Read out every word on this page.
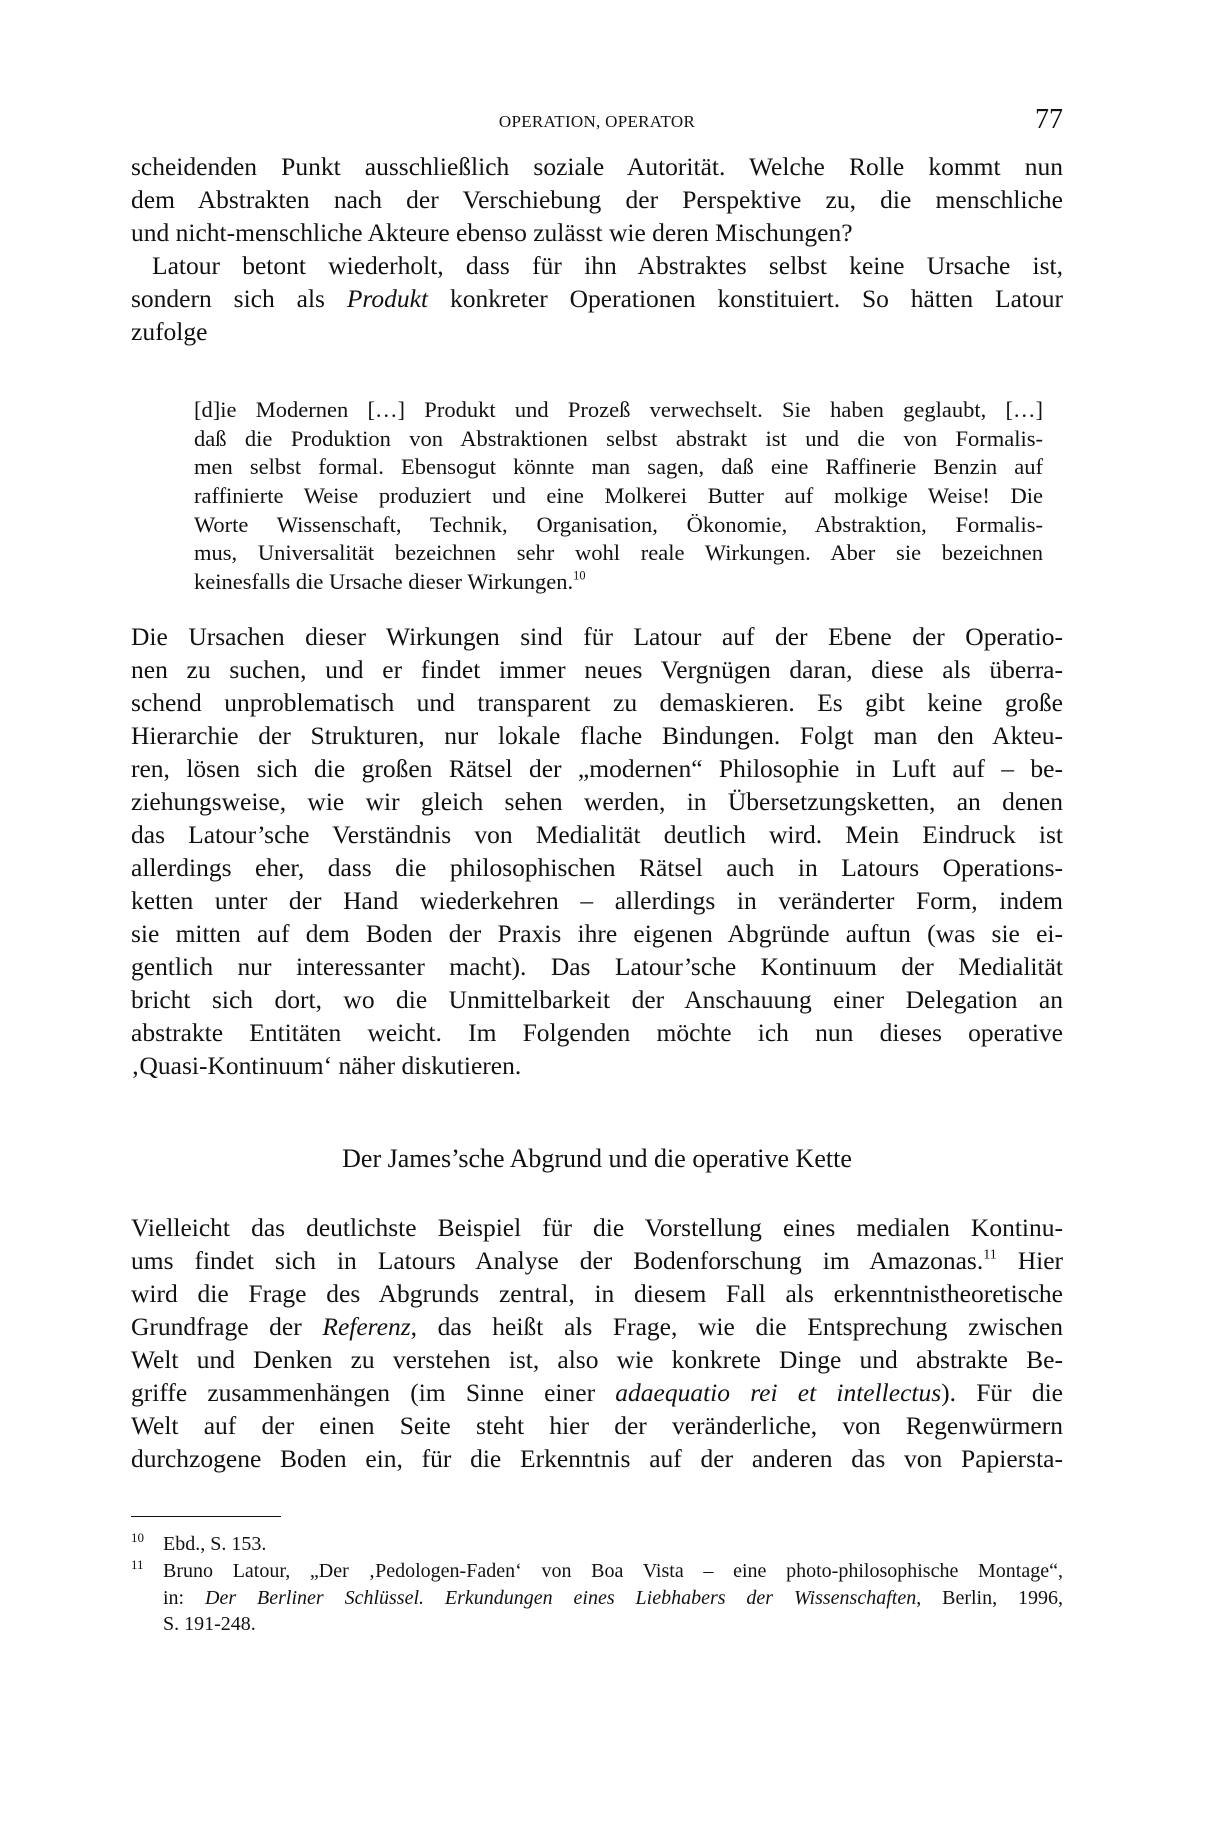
OPERATION, OPERATOR	77
scheidenden Punkt ausschließlich soziale Autorität. Welche Rolle kommt nun
dem Abstrakten nach der Verschiebung der Perspektive zu, die menschliche
und nicht-menschliche Akteure ebenso zulässt wie deren Mischungen?
Latour betont wiederholt, dass für ihn Abstraktes selbst keine Ursache ist,
sondern sich als Produkt konkreter Operationen konstituiert. So hätten Latour
zufolge
[d]ie Modernen […] Produkt und Prozeß verwechselt. Sie haben geglaubt, […]
daß die Produktion von Abstraktionen selbst abstrakt ist und die von Formalis-
men selbst formal. Ebensogut könnte man sagen, daß eine Raffinerie Benzin auf
raffinierte Weise produziert und eine Molkerei Butter auf molkige Weise! Die
Worte Wissenschaft, Technik, Organisation, Ökonomie, Abstraktion, Formalis-
mus, Universalität bezeichnen sehr wohl reale Wirkungen. Aber sie bezeichnen
keinesfalls die Ursache dieser Wirkungen.$^{10}$
Die Ursachen dieser Wirkungen sind für Latour auf der Ebene der Operatio-
nen zu suchen, und er findet immer neues Vergnügen daran, diese als überra-
schend unproblematisch und transparent zu demaskieren. Es gibt keine große
Hierarchie der Strukturen, nur lokale flache Bindungen. Folgt man den Akteu-
ren, lösen sich die großen Rätsel der „modernen“ Philosophie in Luft auf – be-
ziehungsweise, wie wir gleich sehen werden, in Übersetzungsketten, an denen
das Latour’sche Verständnis von Medialität deutlich wird. Mein Eindruck ist
allerdings eher, dass die philosophischen Rätsel auch in Latours Operations-
ketten unter der Hand wiederkehren – allerdings in veränderter Form, indem
sie mitten auf dem Boden der Praxis ihre eigenen Abgründe auftun (was sie ei-
gentlich nur interessanter macht). Das Latour’sche Kontinuum der Medialität
bricht sich dort, wo die Unmittelbarkeit der Anschauung einer Delegation an
abstrakte Entitäten weicht. Im Folgenden möchte ich nun dieses operative
‚Quasi-Kontinuum‘ näher diskutieren.
Der James’sche Abgrund und die operative Kette
Vielleicht das deutlichste Beispiel für die Vorstellung eines medialen Kontinu-
ums findet sich in Latours Analyse der Bodenforschung im Amazonas.$^{11}$ Hier
wird die Frage des Abgrunds zentral, in diesem Fall als erkenntnistheoretische
Grundfrage der Referenz, das heißt als Frage, wie die Entsprechung zwischen
Welt und Denken zu verstehen ist, also wie konkrete Dinge und abstrakte Be-
griffe zusammenhängen (im Sinne einer adaequatio rei et intellectus). Für die
Welt auf der einen Seite steht hier der veränderliche, von Regenwürmern
durchzogene Boden ein, für die Erkenntnis auf der anderen das von Papiersta-
10 Ebd., S. 153.
11 Bruno Latour, „Der ‚Pedologen-Faden‘ von Boa Vista – eine photo-philosophische Montage“,
in: Der Berliner Schlüssel. Erkundungen eines Liebhabers der Wissenschaften, Berlin, 1996,
S. 191-248.
